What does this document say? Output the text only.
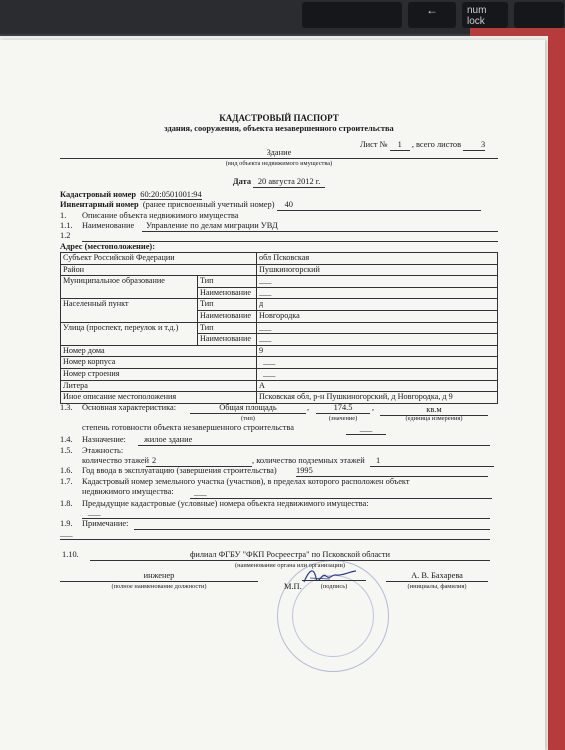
←	num
lock
КАДАСТРОВЫЙ ПАСПОРТ
здания, сооружения, объекта незавершенного строительства
Лист № 1 , всего листов 3
Здание
(вид объекта недвижимого имущества)
Дата 20 августа 2012 г.
Кадастровый номер 60:20:0501001:94
Инвентарный номер (ранее присвоенный учетный номер) 40
1. Описание объекта недвижимого имущества
1.1. Наименование Управление по делам миграции УВД
1.2
Адрес (местоположение):
Субъект Российской Федерации		обл Псковская
Район		Пушкиногорский
Муниципальное образование	Тип	___
	Наименование	___
Населенный пункт	Тип	д
	Наименование	Новгородка
Улица (проспект, переулок и т.д.)	Тип	___
	Наименование	___
Номер дома		9
Номер корпуса		___
Номер строения		___
Литера		А
Иное описание местоположения		Псковская обл, р-н Пушкиногорский, д Новгородка, д 9
1.3. Основная характеристика:	Общая площадь	,	174.5	,	кв.м
(тип)	(значение)	(единица измерения)
степень готовности объекта незавершенного строительства	___
1.4. Назначение: жилое здание
1.5. Этажность:
количество этажей 2	, количество подземных этажей	1
1.6. Год ввода в эксплуатацию (завершения строительства) 1995
1.7. Кадастровый номер земельного участка (участков), в пределах которого расположен объект
недвижимого имущества:	___
1.8. Предыдущие кадастровые (условные) номера объекта недвижимого имущества:
___
1.9. Примечание:
___
1.10.	филиал ФГБУ "ФКП Росреестра" по Псковской области
(наименование органа или организации)
инженер
(полное наименование должности)	М.П.	(подпись)
А. В. Бахарева
(инициалы, фамилия)
